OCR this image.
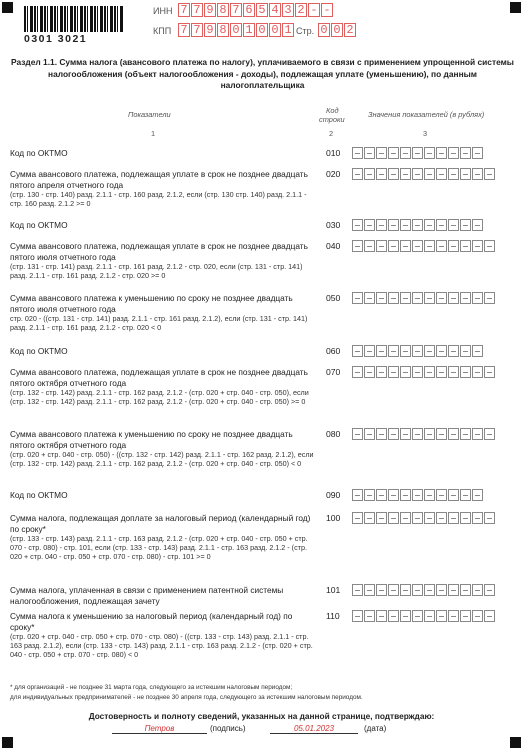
0301 3021
ИНН 7 7 9 8 7 6 5 4 3 2 - -
КПП 7 7 9 8 0 1 0 0 1 Стр. 0 0 2
Раздел 1.1. Сумма налога (авансового платежа по налогу), уплачиваемого в связи с применением упрощенной системы налогообложения (объект налогообложения - доходы), подлежащая уплате (уменьшению), по данным налогоплательщика
Показатели	Код
строки
Значения показателей (в рублях)
1	2	3
Код по ОКТМО	010
Сумма авансового платежа, подлежащая уплате в срок не позднее двадцать пятого апреля отчетного года
(стр. 130 - стр. 140) разд. 2.1.1 - стр. 160 разд. 2.1.2, если (стр. 130 стр. 140) разд. 2.1.1 - стр. 160 разд. 2.1.2 >= 0
020
Код по ОКТМО	030
Сумма авансового платежа, подлежащая уплате в срок не позднее двадцать пятого июля отчетного года
(стр. 131 - стр. 141) разд. 2.1.1 - стр. 161 разд. 2.1.2 - стр. 020, если (стр. 131 - стр. 141) разд. 2.1.1 - стр. 161 разд. 2.1.2 - стр. 020 >= 0
040
Сумма авансового платежа к уменьшению по сроку не позднее двадцать пятого июля отчетного года
стр. 020 - ((стр. 131 - стр. 141) разд. 2.1.1 - стр. 161 разд. 2.1.2), если (стр. 131 - стр. 141) разд. 2.1.1 - стр. 161 разд. 2.1.2 - стр. 020 < 0
050
Код по ОКТМО	060
Сумма авансового платежа, подлежащая уплате в срок не позднее двадцать пятого октября отчетного года
(стр. 132 - стр. 142) разд. 2.1.1 - стр. 162 разд. 2.1.2 - (стр. 020 + стр. 040 - стр. 050), если (стр. 132 - стр. 142) разд. 2.1.1 - стр. 162 разд. 2.1.2 - (стр. 020 + стр. 040 - стр. 050) >= 0
070
Сумма авансового платежа к уменьшению по сроку не позднее двадцать пятого октября отчетного года
(стр. 020 + стр. 040 - стр. 050) - ((стр. 132 - стр. 142) разд. 2.1.1 - стр. 162 разд. 2.1.2), если (стр. 132 - стр. 142) разд. 2.1.1 - стр. 162 разд. 2.1.2 - (стр. 020 + стр. 040 - стр. 050) < 0
080
Код по ОКТМО	090
Сумма налога, подлежащая доплате за налоговый период (календарный год) по сроку*
(стр. 133 - стр. 143) разд. 2.1.1 - стр. 163 разд. 2.1.2 - (стр. 020 + стр. 040 - стр. 050 + стр. 070 - стр. 080) - стр. 101, если (стр. 133 - стр. 143) разд. 2.1.1 - стр. 163 разд. 2.1.2 - (стр. 020 + стр. 040 - стр. 050 + стр. 070 - стр. 080) - стр. 101 >= 0
100
Сумма налога, уплаченная в связи с применением патентной системы налогообложения, подлежащая зачету
101
Сумма налога к уменьшению за налоговый период (календарный год) по сроку*
(стр. 020 + стр. 040 - стр. 050 + стр. 070 - стр. 080) - ((стр. 133 - стр. 143) разд. 2.1.1 - стр. 163 разд. 2.1.2), если (стр. 133 - стр. 143) разд. 2.1.1 - стр. 163 разд. 2.1.2 - (стр. 020 + стр. 040 - стр. 050 + стр. 070 - стр. 080) < 0
110
* для организаций - не позднее 31 марта года, следующего за истекшим налоговым периодом;
для индивидуальных предпринимателей - не позднее 30 апреля года, следующего за истекшим налоговым периодом.
Достоверность и полноту сведений, указанных на данной странице, подтверждаю:
Петров	(подпись)	05.01.2023	(дата)
